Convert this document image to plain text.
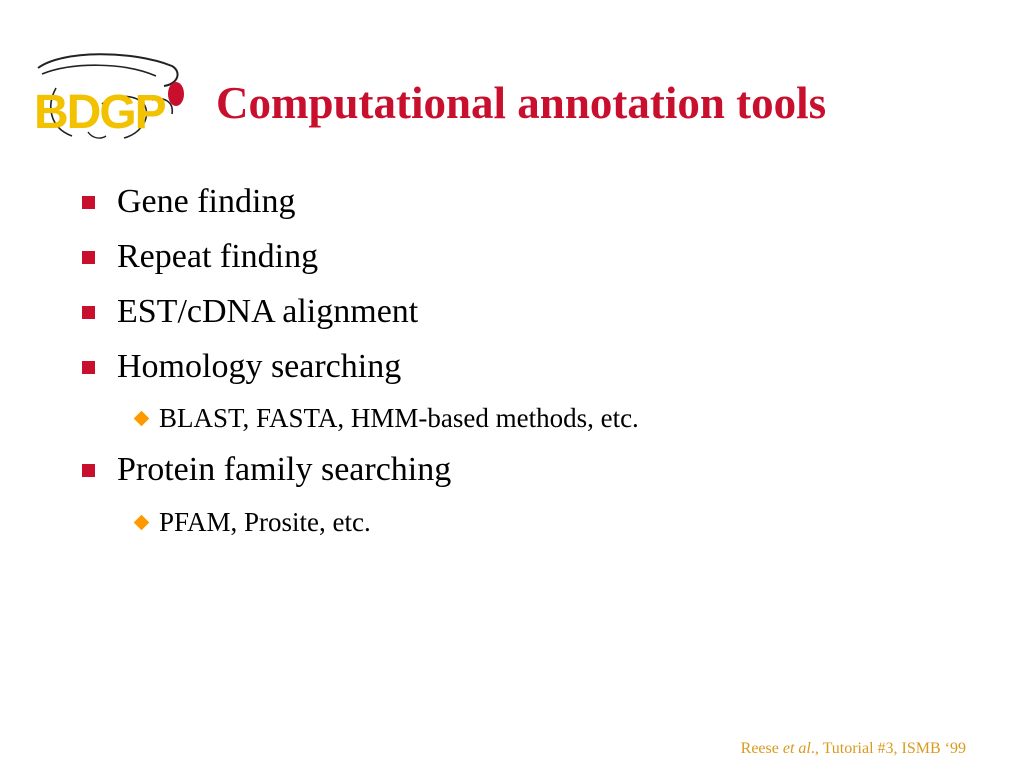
BDGP Computational annotation tools
Gene finding
Repeat finding
EST/cDNA alignment
Homology searching
BLAST, FASTA, HMM-based methods, etc.
Protein family searching
PFAM, Prosite, etc.
Reese et al., Tutorial #3, ISMB ‘99
